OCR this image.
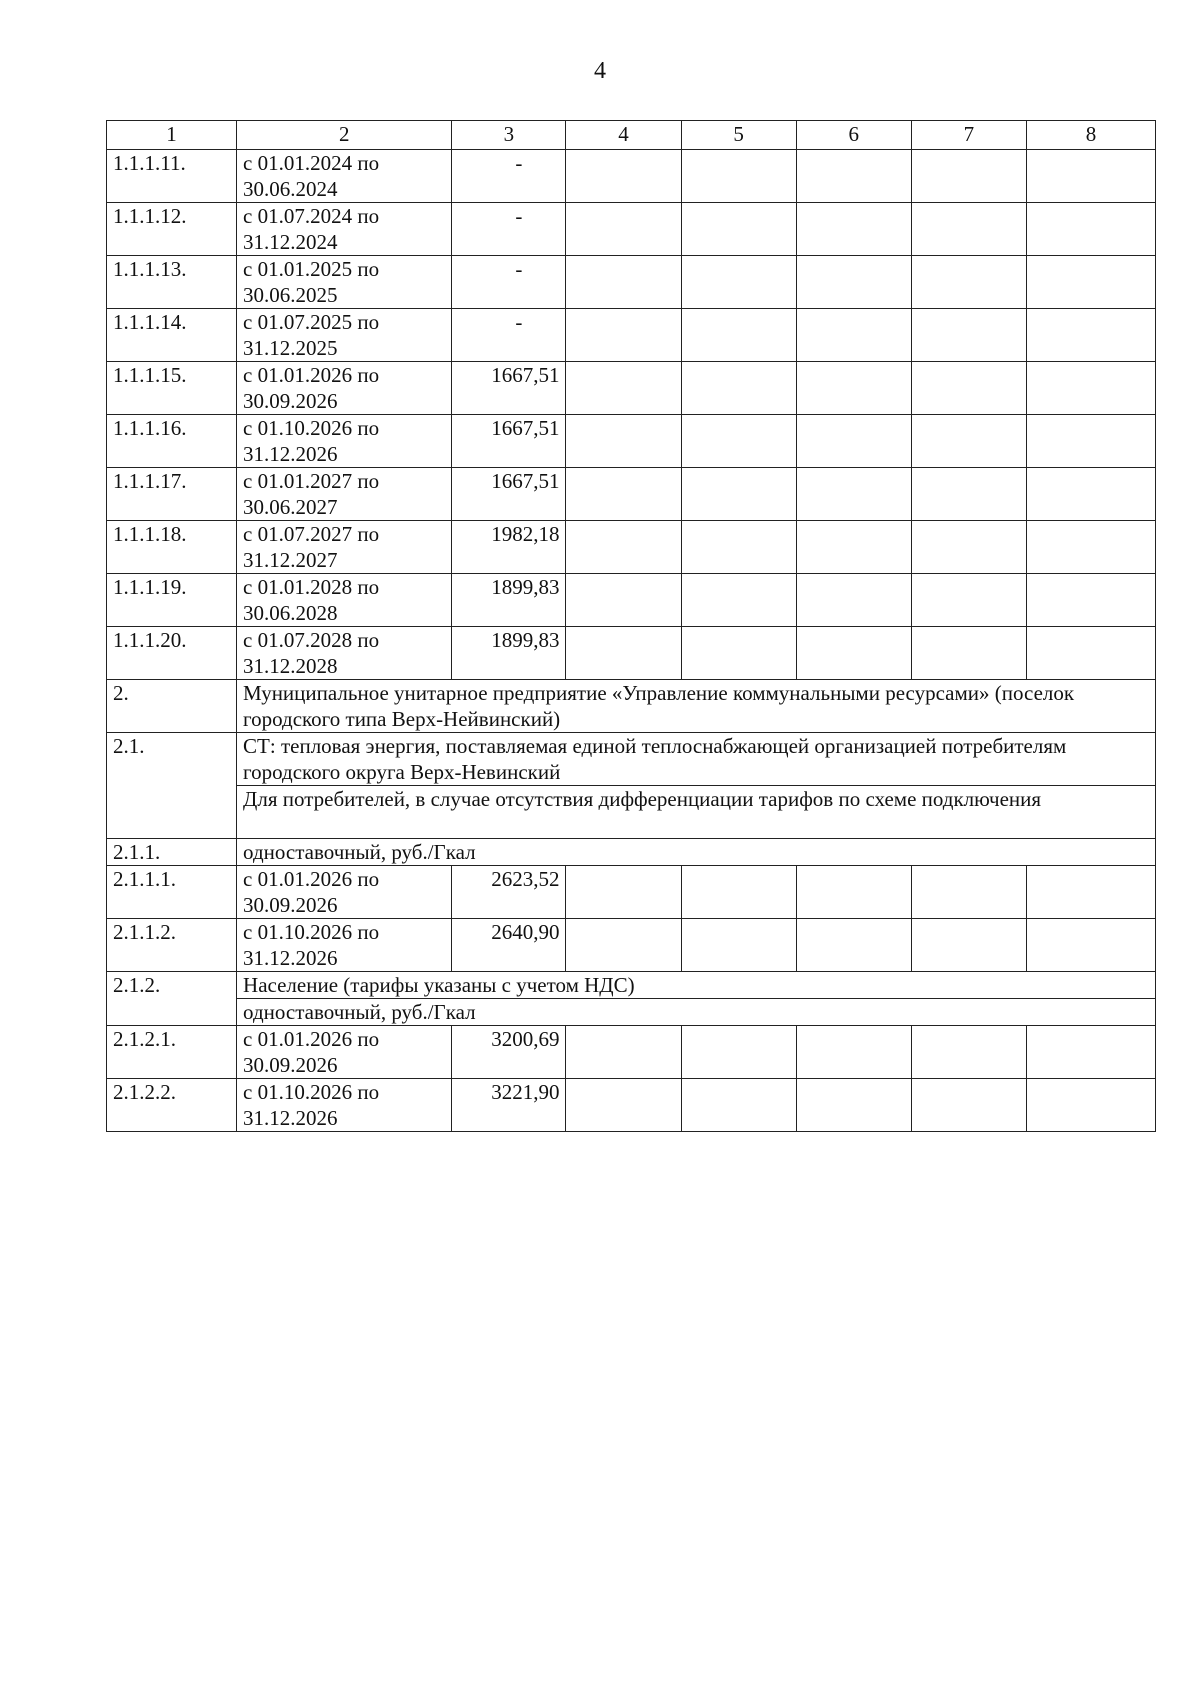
4
1	2	3	4	5	6	7	8
1.1.1.11.	с 01.01.2024 по 30.06.2024	-					
1.1.1.12.	с 01.07.2024 по 31.12.2024	-					
1.1.1.13.	с 01.01.2025 по 30.06.2025	-					
1.1.1.14.	с 01.07.2025 по 31.12.2025	-					
1.1.1.15.	с 01.01.2026 по 30.09.2026	1667,51					
1.1.1.16.	с 01.10.2026 по 31.12.2026	1667,51					
1.1.1.17.	с 01.01.2027 по 30.06.2027	1667,51					
1.1.1.18.	с 01.07.2027 по 31.12.2027	1982,18					
1.1.1.19.	с 01.01.2028 по 30.06.2028	1899,83					
1.1.1.20.	с 01.07.2028 по 31.12.2028	1899,83					
2.	Муниципальное унитарное предприятие «Управление коммунальными ресурсами» (поселок городского типа Верх-Нейвинский)						
2.1.	СТ: тепловая энергия, поставляемая единой теплоснабжающей организацией потребителям городского округа Верх-Невинский						
	Для потребителей, в случае отсутствия дифференциации тарифов по схеме подключения						
2.1.1.	одноставочный, руб./Гкал						
2.1.1.1.	с 01.01.2026 по 30.09.2026	2623,52					
2.1.1.2.	с 01.10.2026 по 31.12.2026	2640,90					
2.1.2.	Население (тарифы указаны с учетом НДС)						
	одноставочный, руб./Гкал						
2.1.2.1.	с 01.01.2026 по 30.09.2026	3200,69					
2.1.2.2.	с 01.10.2026 по 31.12.2026	3221,90					
